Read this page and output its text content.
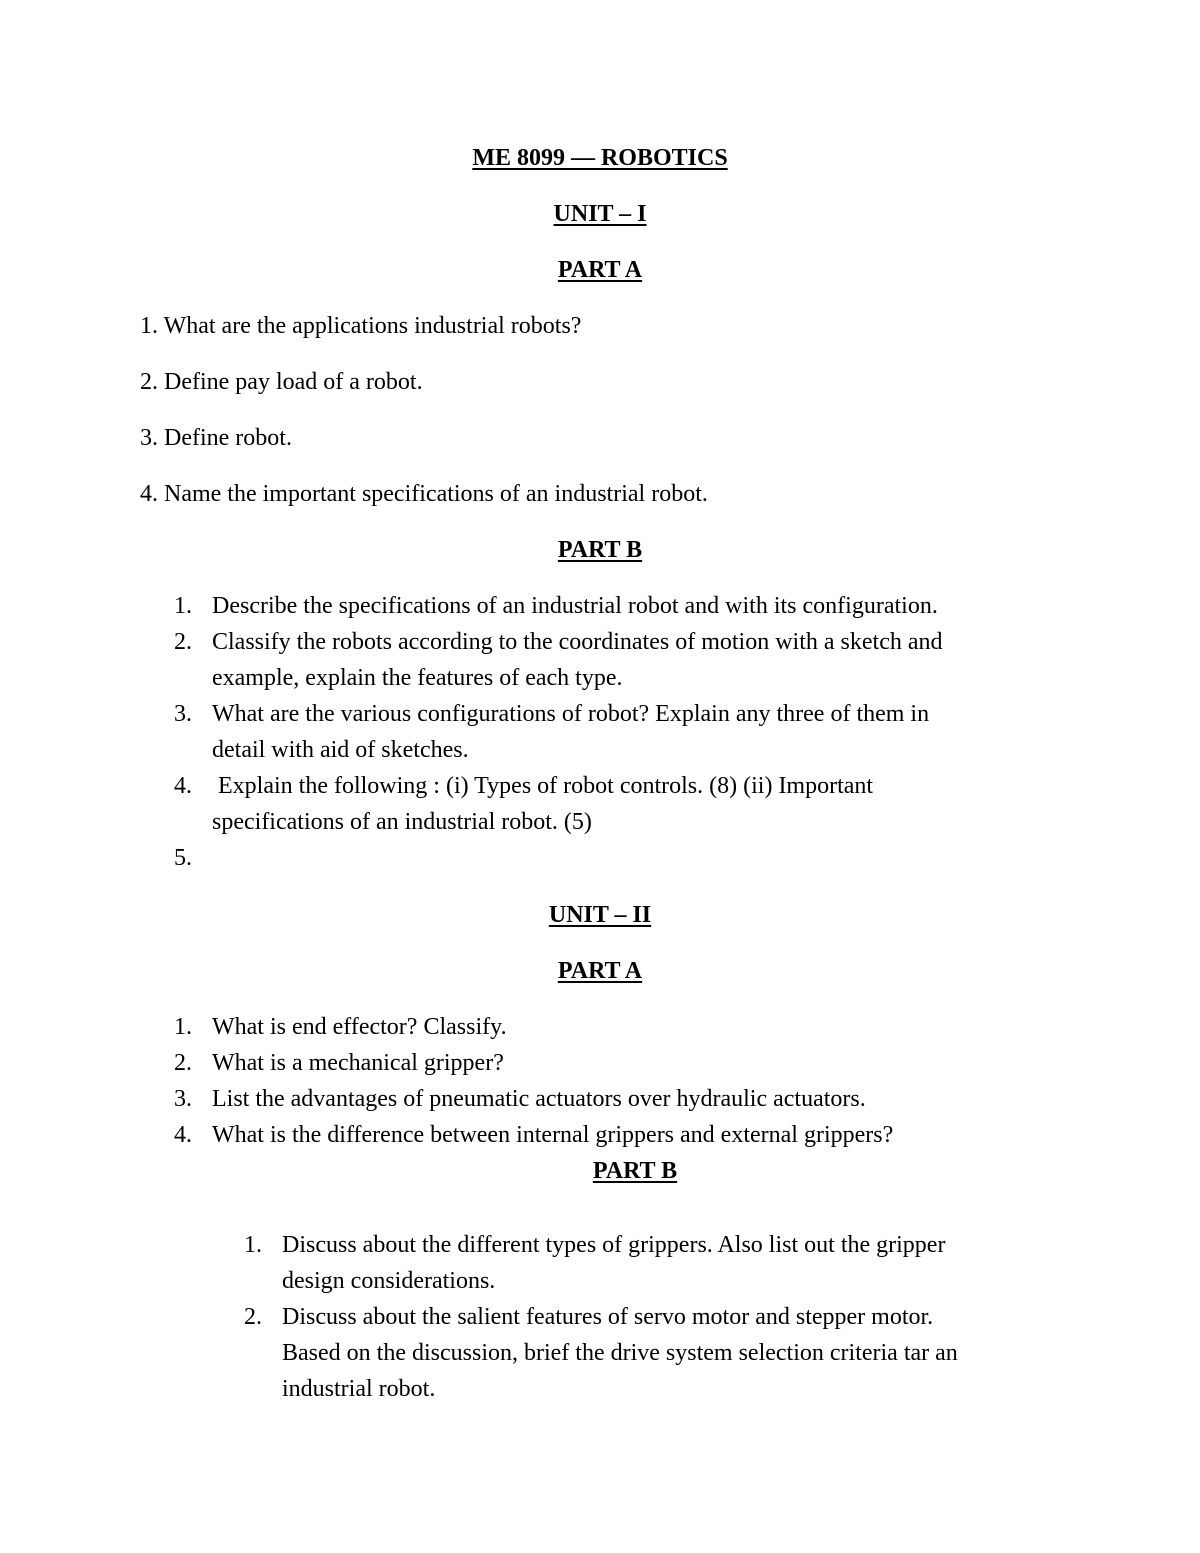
ME 8099 — ROBOTICS
UNIT – I
PART A
1. What are the applications industrial robots?
2. Define pay load of a robot.
3. Define robot.
4. Name the important specifications of an industrial robot.
PART B
1. Describe the specifications of an industrial robot and with its configuration.
2. Classify the robots according to the coordinates of motion with a sketch and
example, explain the features of each type.
3. What are the various configurations of robot? Explain any three of them in
detail with aid of sketches.
4. Explain the following : (i) Types of robot controls. (8) (ii) Important
specifications of an industrial robot. (5)
5.
UNIT – II
PART A
1. What is end effector? Classify.
2. What is a mechanical gripper?
3. List the advantages of pneumatic actuators over hydraulic actuators.
4. What is the difference between internal grippers and external grippers?
PART B
1. Discuss about the different types of grippers. Also list out the gripper
design considerations.
2. Discuss about the salient features of servo motor and stepper motor.
Based on the discussion, brief the drive system selection criteria tar an
industrial robot.
